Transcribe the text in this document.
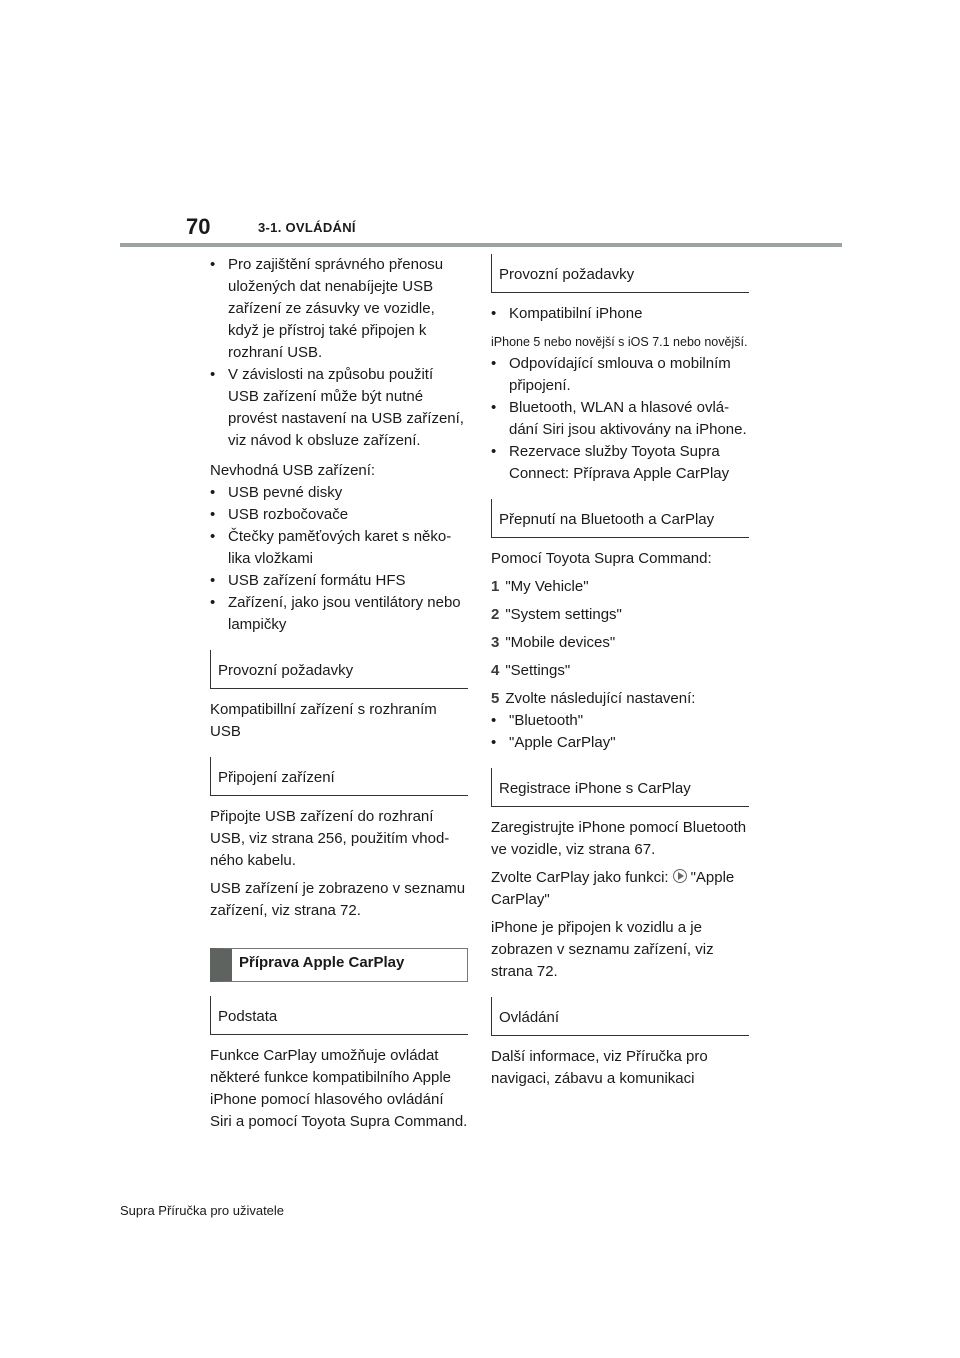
70	3-1. OVLÁDÁNÍ

• Pro zajištění správného přenosu uložených dat nenabíjejte USB zařízení ze zásuvky ve vozidle, když je přístroj také připojen k rozhraní USB.

• V závislosti na způsobu použití USB zařízení může být nutné provést nastavení na USB zařízení, viz návod k obsluze zařízení.

Nevhodná USB zařízení:

• USB pevné disky

• USB rozbočovače

• Čtečky paměťových karet s několika vložkami

• USB zařízení formátu HFS

• Zařízení, jako jsou ventilátory nebo lampičky

Provozní požadavky

Kompatibillní zařízení s rozhraním USB

Připojení zařízení

Připojte USB zařízení do rozhraní USB, viz strana 256, použitím vhodného kabelu.

USB zařízení je zobrazeno v seznamu zařízení, viz strana 72.

Příprava Apple CarPlay
Podstata

Funkce CarPlay umožňuje ovládat některé funkce kompatibilního Apple iPhone pomocí hlasového ovládání Siri a pomocí Toyota Supra Command.

Provozní požadavky

• Kompatibilní iPhone

iPhone 5 nebo novější s iOS 7.1 nebo novější.

• Odpovídající smlouva o mobilním připojení.

• Bluetooth, WLAN a hlasové ovládání Siri jsou aktivovány na iPhone.

• Rezervace služby Toyota Supra Connect: Příprava Apple CarPlay

Přepnutí na Bluetooth a CarPlay

Pomocí Toyota Supra Command:

1 "My Vehicle"

2 "System settings"

3 "Mobile devices"

4 "Settings"

5 Zvolte následující nastavení:

• "Bluetooth"

• "Apple CarPlay"

Registrace iPhone s CarPlay

Zaregistrujte iPhone pomocí Bluetooth ve vozidle, viz strana 67.

Zvolte CarPlay jako funkci: "Apple CarPlay"

iPhone je připojen k vozidlu a je zobrazen v seznamu zařízení, viz strana 72.

Ovládání

Další informace, viz Příručka pro navigaci, zábavu a komunikaci

Supra Příručka pro uživatele
